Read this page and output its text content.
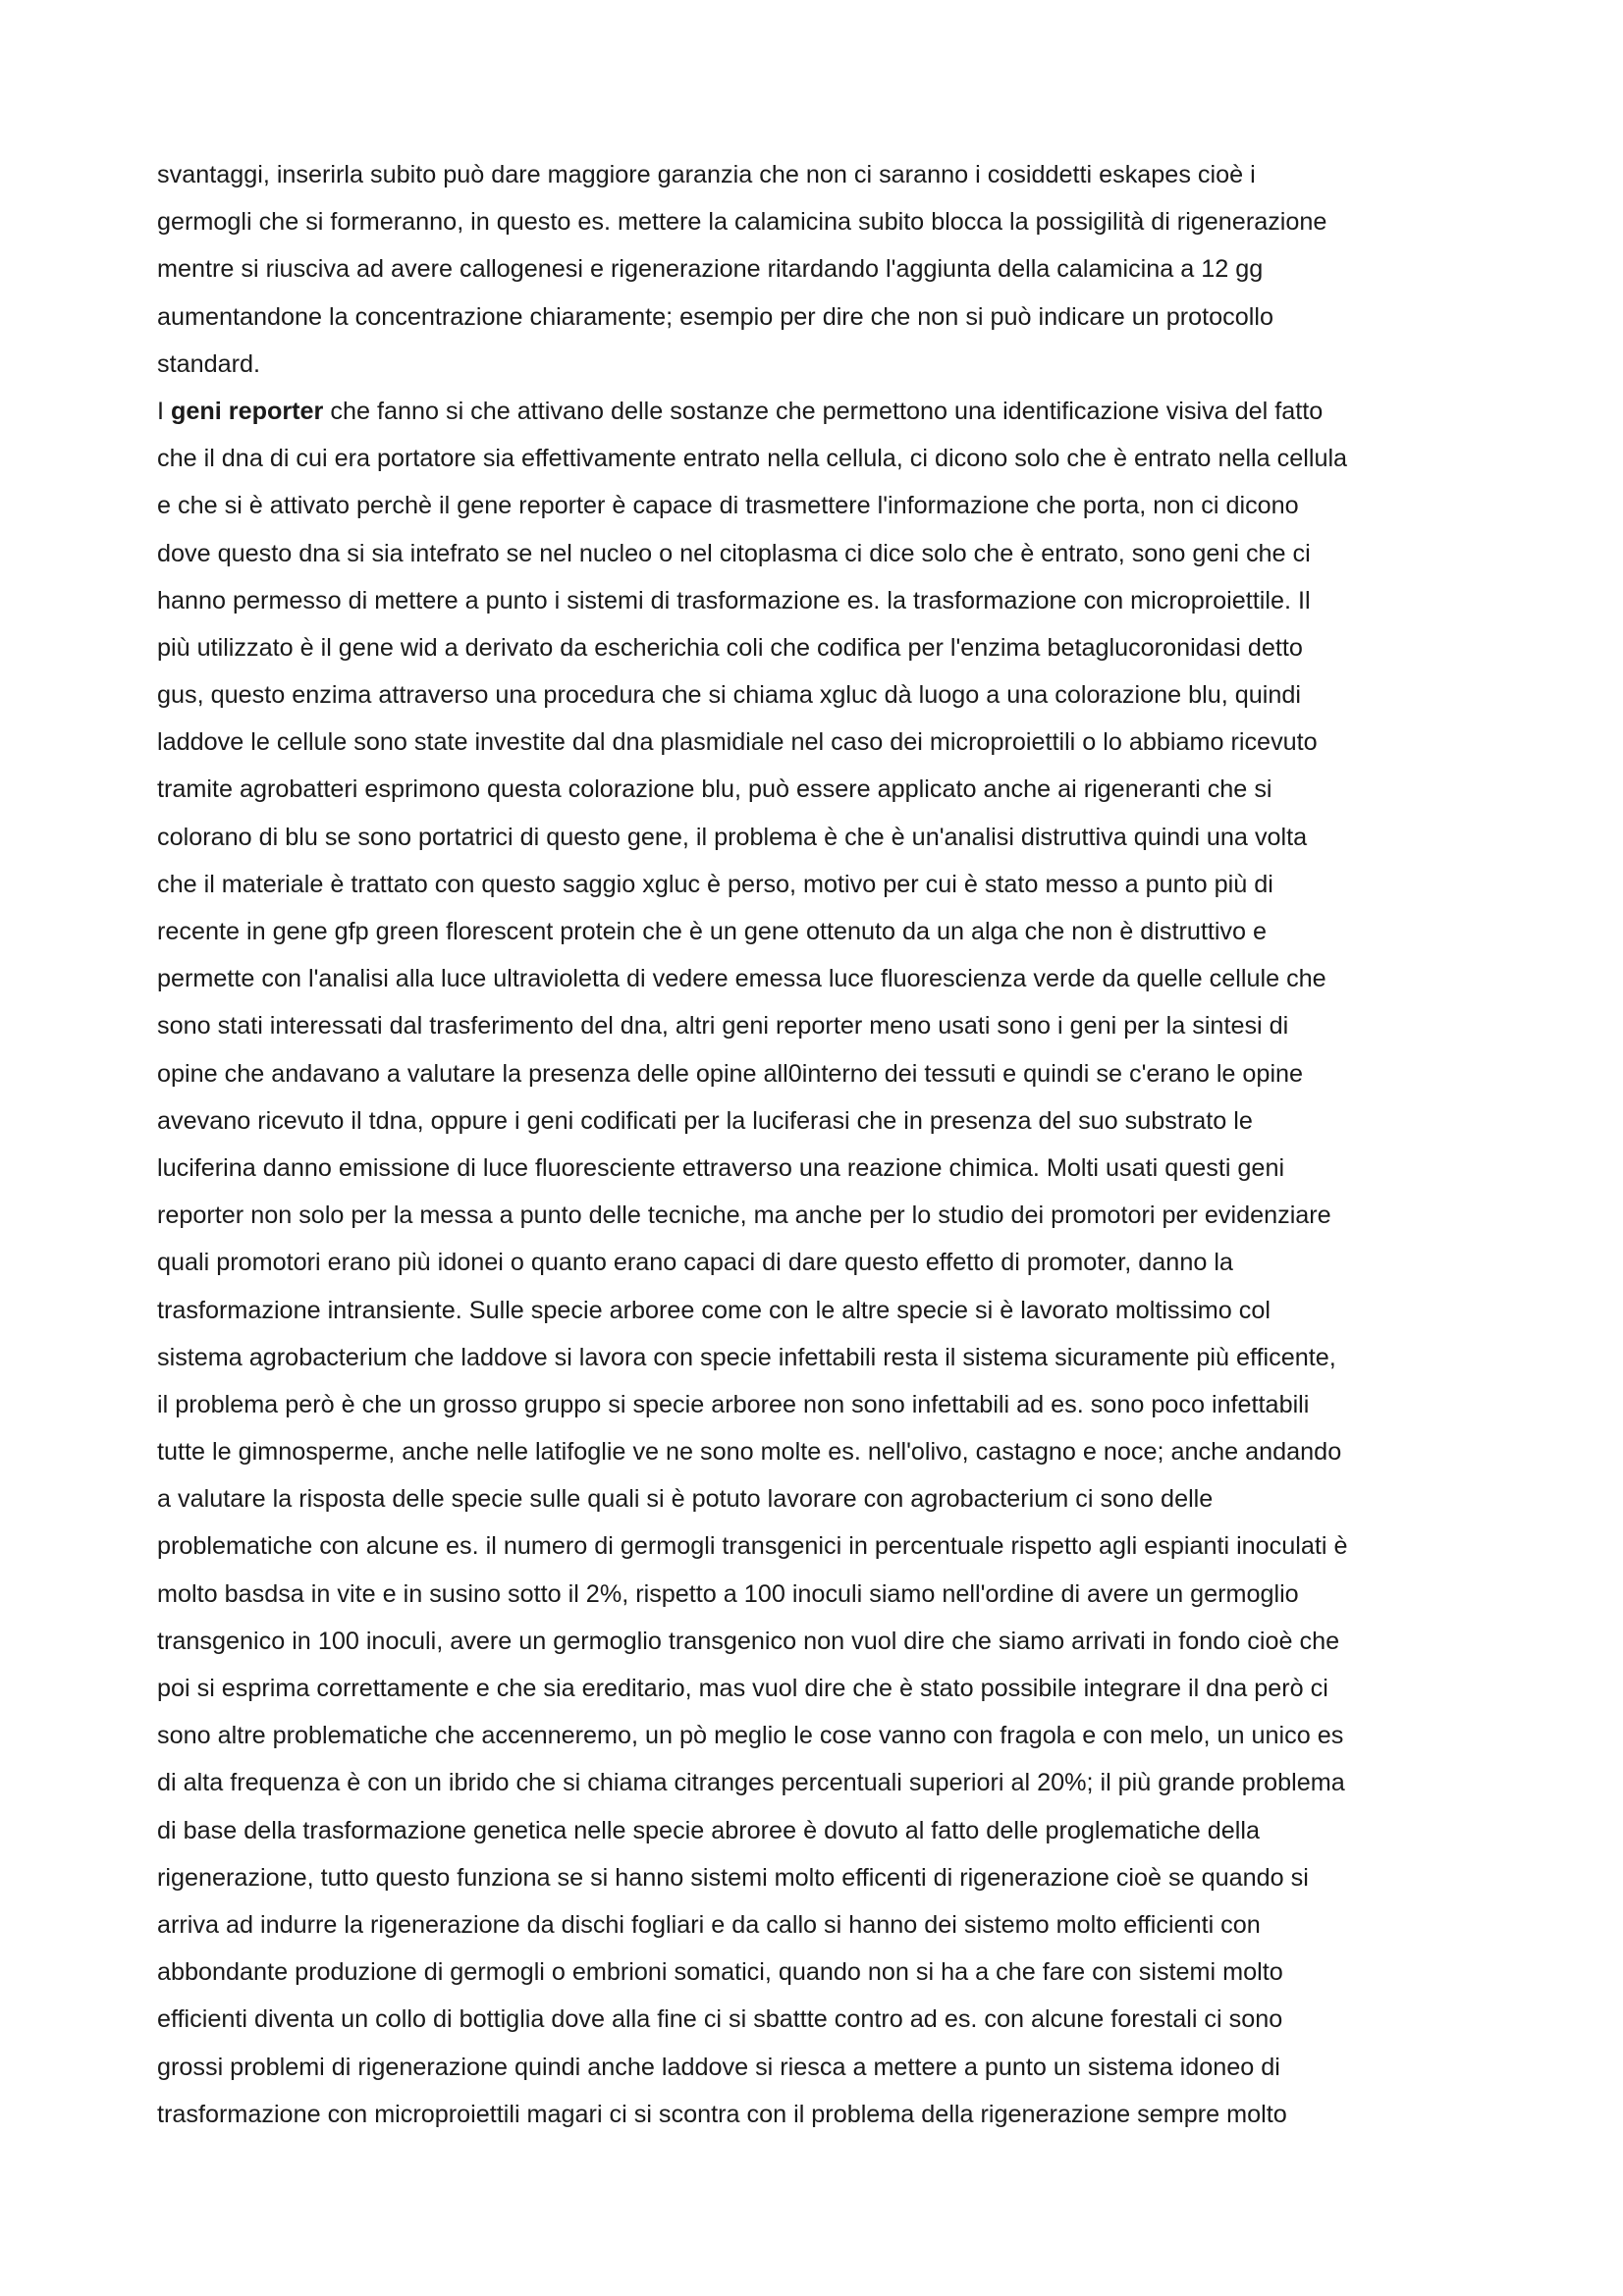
svantaggi, inserirla subito può dare maggiore garanzia che non ci saranno i cosiddetti eskapes cioè i
germogli che si formeranno, in questo es. mettere la calamicina subito blocca la possigilità di rigenerazione
mentre si riusciva ad avere callogenesi e rigenerazione ritardando l'aggiunta della calamicina a 12 gg
aumentandone la concentrazione chiaramente; esempio per dire che non si può indicare un protocollo
standard.
I geni reporter che fanno si che attivano delle sostanze che permettono una identificazione visiva del fatto
che il dna di cui era portatore sia effettivamente entrato nella cellula, ci dicono solo che è entrato nella cellula
e che si è attivato perchè il gene reporter è capace di trasmettere l'informazione che porta, non ci dicono
dove questo dna si sia intefrato se nel nucleo o nel citoplasma ci dice solo che è entrato, sono geni che ci
hanno permesso di mettere a punto i sistemi di trasformazione es. la trasformazione con microproiettile. Il
più utilizzato è il gene wid a derivato da escherichia coli che codifica per l'enzima betaglucoronidasi detto
gus, questo enzima attraverso una procedura che si chiama xgluc dà luogo a una colorazione blu, quindi
laddove le cellule sono state investite dal dna plasmidiale nel caso dei microproiettili o lo abbiamo ricevuto
tramite agrobatteri esprimono questa colorazione blu, può essere applicato anche ai rigeneranti che si
colorano di blu se sono portatrici di questo gene, il problema è che è un'analisi distruttiva quindi una volta
che il materiale è trattato con questo saggio xgluc è perso, motivo per cui è stato messo a punto più di
recente in gene gfp green florescent protein che è un gene ottenuto da un alga che non è distruttivo e
permette con l'analisi alla luce ultravioletta di vedere emessa luce fluorescienza verde da quelle cellule che
sono stati interessati dal trasferimento del dna, altri geni reporter meno usati sono i geni per la sintesi di
opine che andavano a valutare la presenza delle opine all0interno dei tessuti e quindi se c'erano le opine
avevano ricevuto il tdna, oppure i geni codificati per la luciferasi che in presenza del suo substrato le
luciferina danno emissione di luce fluoresciente ettraverso una reazione chimica. Molti usati questi geni
reporter non solo per la messa a punto delle tecniche, ma anche per lo studio dei promotori per evidenziare
quali promotori erano più idonei o quanto erano capaci di dare questo effetto di promoter, danno la
trasformazione intransiente. Sulle specie arboree come con le altre specie si è lavorato moltissimo col
sistema agrobacterium che laddove si lavora con specie infettabili resta il sistema sicuramente più efficente,
il problema però è che un grosso gruppo si specie arboree non sono infettabili ad es. sono poco infettabili
tutte le gimnosperme, anche nelle latifoglie ve ne sono molte es. nell'olivo, castagno e noce; anche andando
a valutare la risposta delle specie sulle quali si è potuto lavorare con agrobacterium ci sono delle
problematiche con alcune es. il numero di germogli transgenici in percentuale rispetto agli espianti inoculati è
molto basdsa in vite e in susino sotto il 2%, rispetto a 100 inoculi siamo nell'ordine di avere un germoglio
transgenico in 100 inoculi, avere un germoglio transgenico non vuol dire che siamo arrivati in fondo cioè che
poi si esprima correttamente e che sia ereditario, mas vuol dire che è stato possibile integrare il dna però ci
sono altre problematiche che accenneremo, un pò meglio le cose vanno con fragola e con melo, un unico es
di alta frequenza è con un ibrido che si chiama citranges percentuali superiori al 20%; il più grande problema
di base della trasformazione genetica nelle specie abroree è dovuto al fatto delle proglematiche della
rigenerazione, tutto questo funziona se si hanno sistemi molto efficenti di rigenerazione cioè se quando si
arriva ad indurre la rigenerazione da dischi fogliari e da callo si hanno dei sistemo molto efficienti con
abbondante produzione di germogli o embrioni somatici, quando non si ha a che fare con sistemi molto
efficienti diventa un collo di bottiglia dove alla fine ci si sbattte contro ad es. con alcune forestali ci sono
grossi problemi di rigenerazione quindi anche laddove si riesca a mettere a punto un sistema idoneo di
trasformazione con microproiettili magari ci si scontra con il problema della rigenerazione sempre molto
